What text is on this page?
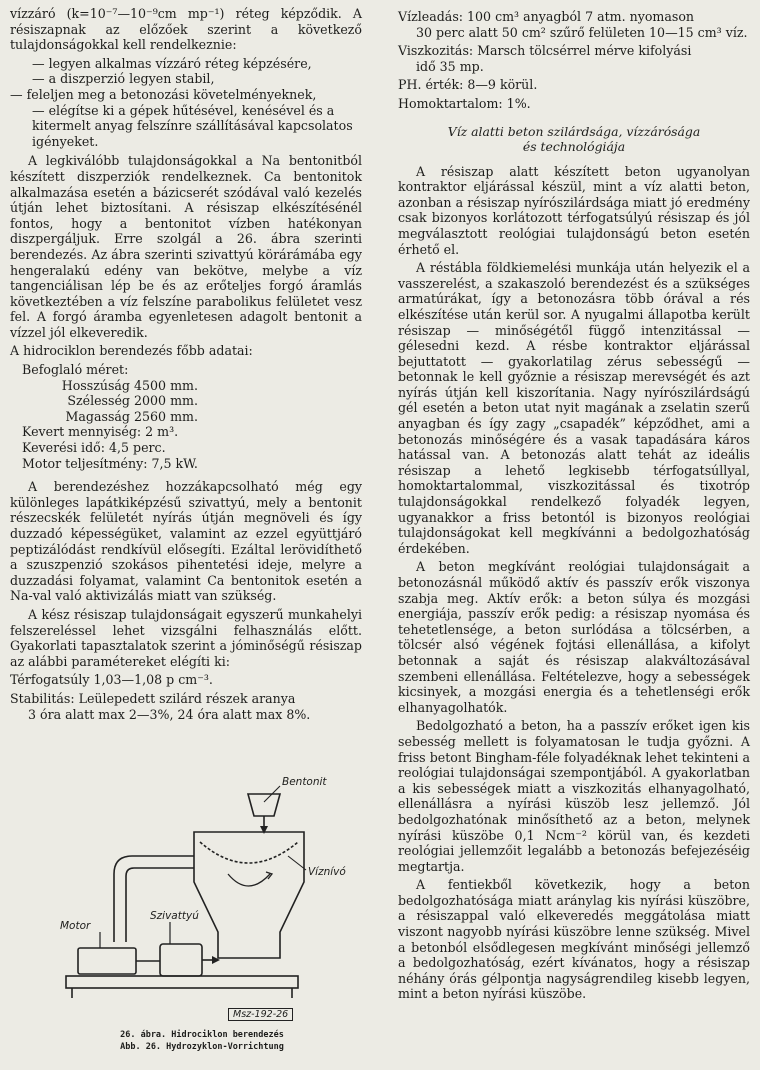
vízzáró (k=10⁻⁷—10⁻⁹cm mp⁻¹) réteg képződik. A résiszapnak az előzőek szerint a következő tulajdonságokkal kell rendelkeznie:

— legyen alkalmas vízzáró réteg képzésére,
— a diszperzió legyen stabil,
— feleljen meg a betonozási követelményeknek,
— elégítse ki a gépek hűtésével, kenésével és a kitermelt anyag felszínre szállításával kapcsolatos igényeket.

A legkiválóbb tulajdonságokkal a Na bentonitból készített diszperziók rendelkeznek. Ca bentonitok alkalmazása esetén a bázicserét szódával való kezelés útján lehet biztosítani. A résiszap elkészítésénél fontos, hogy a bentonitot vízben hatékonyan diszpergáljuk. Erre szolgál a 26. ábra szerinti berendezés. Az ábra szerinti szivattyú körárámába egy hengeralakú edény van bekötve, melybe a víz tangenciálisan lép be és az erőteljes forgó áramlás következtében a víz felszíne parabolikus felületet vesz fel. A forgó áramba egyenletesen adagolt bentonit a vízzel jól elkeveredik.

A hidrociklon berendezés főbb adatai:

Befoglaló méret:
Hosszúság 4500 mm.
Szélesség 2000 mm.
Magasság 2560 mm.
Kevert mennyiség: 2 m³.
Keverési idő: 4,5 perc.
Motor teljesítmény: 7,5 kW.

A berendezéshez hozzákapcsolható még egy különleges lapátkiképzésű szivattyú, mely a bentonit részecskék felületét nyírás útján megnöveli és így duzzadó képességüket, valamint az ezzel együttjáró peptizálódást rendkívül elősegíti. Ezáltal lerövidíthető a szuszpenzió szokásos pihentetési ideje, melyre a duzzadási folyamat, valamint Ca bentonitok esetén a Na-val való aktivizálás miatt van szükség.

A kész résiszap tulajdonságait egyszerű munkahelyi felszereléssel lehet vizsgálni felhasználás előtt. Gyakorlati tapasztalatok szerint a jóminőségű résiszap az alábbi paramétereket elégíti ki:

Térfogatsúly 1,03—1,08 p cm⁻³.
Stabilitás: Leülepedett szilárd részek aranya
3 óra alatt max 2—3%, 24 óra alatt max 8%.
Bentonit
Víznívó
Motor
Szivattyú
Msz-192-26
26. ábra. Hidrociklon berendezés
Abb. 26. Hydrozyklon-Vorrichtung
Vízleadás: 100 cm³ anyagból 7 atm. nyomason
30 perc alatt 50 cm² szűrő felületen 10—15 cm³ víz.
Viszkozitás: Marsch tölcsérrel mérve kifolyási
idő 35 mp.
PH. érték: 8—9 körül.
Homoktartalom: 1%.
Víz alatti beton szilárdsága, vízzárósága
és technológiája

A résiszap alatt készített beton ugyanolyan kontraktor eljárással készül, mint a víz alatti beton, azonban a résiszap nyírószilárdsága miatt jó eredmény csak bizonyos korlátozott térfogatsúlyú résiszap és jól megválasztott reológiai tulajdonságú beton esetén érhető el.

A réstábla földkiemelési munkája után helyezik el a vasszerelést, a szakaszoló berendezést és a szükséges armatúrákat, így a betonozásra több órával a rés elkészítése után kerül sor. A nyugalmi állapotba került résiszap — minőségétől függő intenzitással — gélesedni kezd. A résbe kontraktor eljárással bejuttatott — gyakorlatilag zérus sebességű — betonnak le kell győznie a résiszap merevségét és azt nyírás útján kell kiszorítania. Nagy nyírószilárdságú gél esetén a beton utat nyit magának a zselatin szerű anyagban és így zagy „csapadék” képződhet, ami a betonozás minőségére és a vasak tapadására káros hatással van. A betonozás alatt tehát az ideális résiszap a lehető legkisebb térfogatsúllyal, homoktartalommal, viszkozitással és tixotróp tulajdonságokkal rendelkező folyadék legyen, ugyanakkor a friss betontól is bizonyos reológiai tulajdonságokat kell megkívánni a bedolgozhatóság érdekében.

A beton megkívánt reológiai tulajdonságait a betonozásnál működő aktív és passzív erők viszonya szabja meg. Aktív erők: a beton súlya és mozgási energiája, passzív erők pedig: a résiszap nyomása és tehetetlensége, a beton surlódása a tölcsérben, a tölcsér alsó végének fojtási ellenállása, a kifolyt betonnak a saját és résiszap alakváltozásával szembeni ellenállása. Feltételezve, hogy a sebességek kicsinyek, a mozgási energia és a tehetlenségi erők elhanyagolhatók.

Bedolgozható a beton, ha a passzív erőket igen kis sebesség mellett is folyamatosan le tudja győzni. A friss betont Bingham-féle folyadéknak lehet tekinteni a reológiai tulajdonságai szempontjából. A gyakorlatban a kis sebességek miatt a viszkozitás elhanyagolható, ellenállásra a nyírási küszöb lesz jellemző. Jól bedolgozhatónak minősíthető az a beton, melynek nyírási küszöbe 0,1 Ncm⁻² körül van, és kezdeti reológiai jellemzőit legalább a betonozás befejezéséig megtartja.

A fentiekből következik, hogy a beton bedolgozhatósága miatt aránylag kis nyírási küszöbre, a résiszappal való elkeveredés meggátolása miatt viszont nagyobb nyírási küszöbre lenne szükség. Mivel a betonból elsődlegesen megkívánt minőségi jellemző a bedolgozhatóság, ezért kívánatos, hogy a résiszap néhány órás gélpontja nagyságrendileg kisebb legyen, mint a beton nyírási küszöbe.
